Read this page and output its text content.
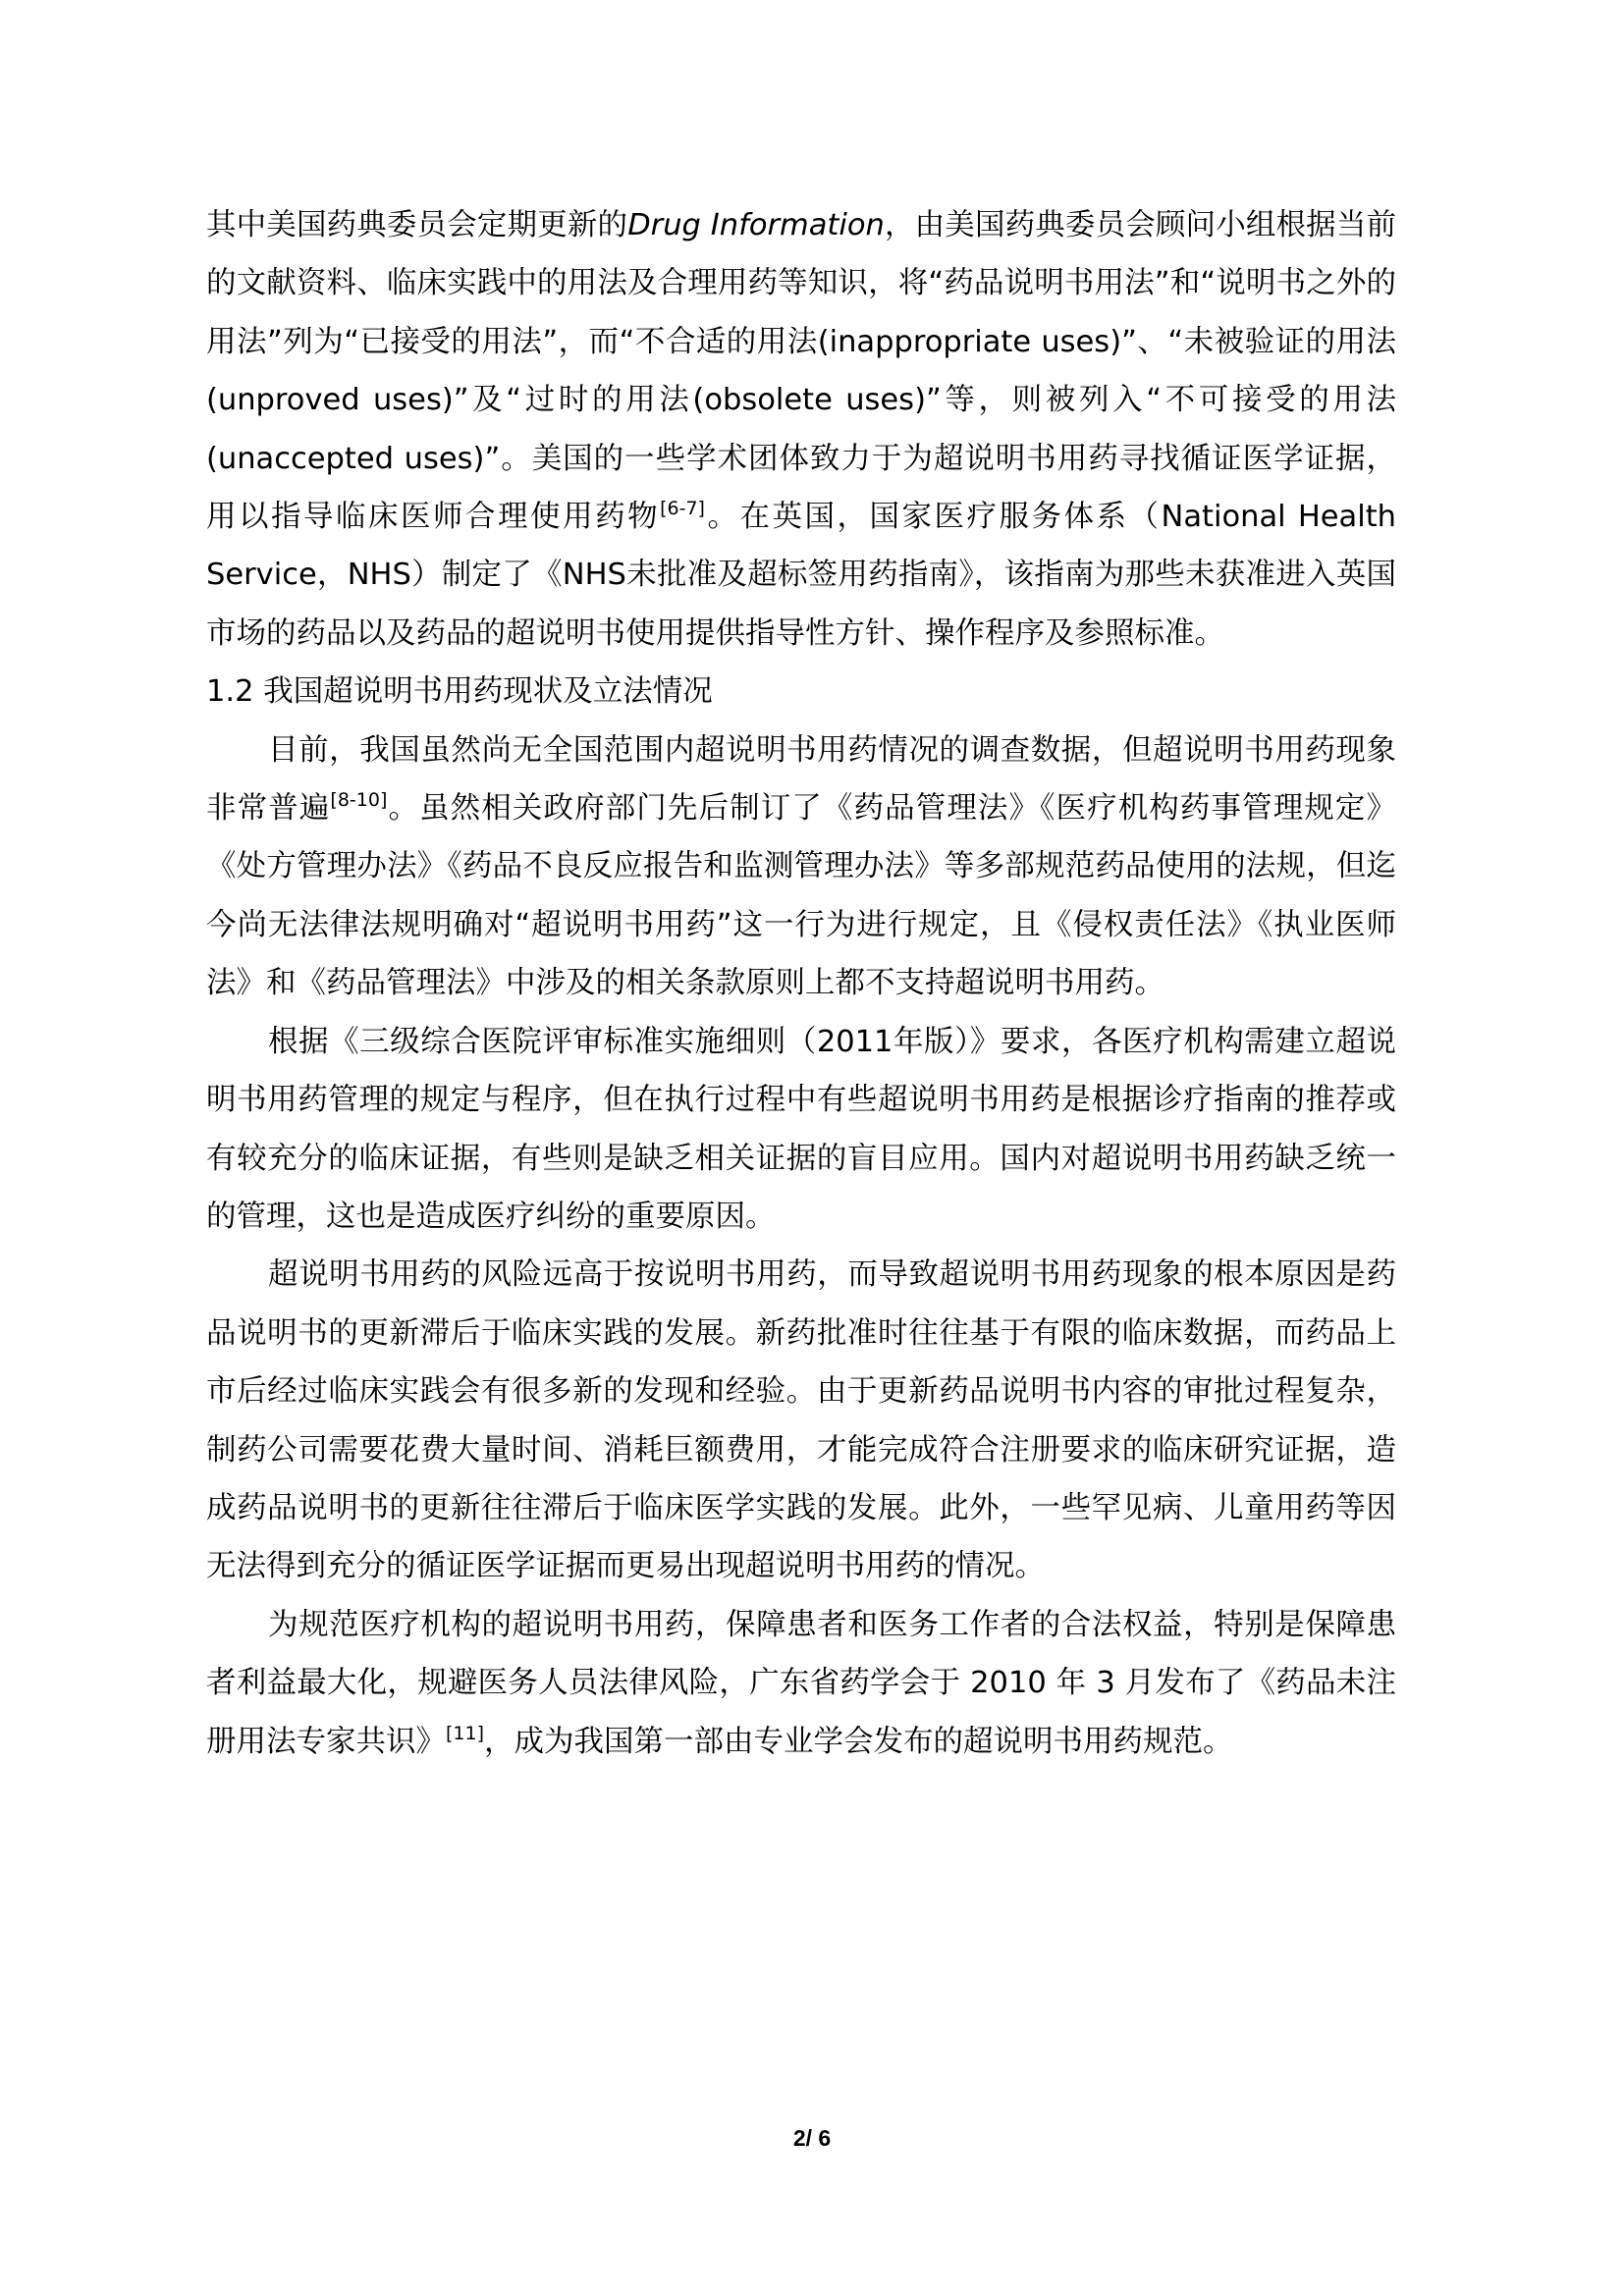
其中美国药典委员会定期更新的Drug Information，由美国药典委员会顾问小组根据当前的文献资料、临床实践中的用法及合理用药等知识，将“药品说明书用法”和“说明书之外的用法”列为“已接受的用法”，而“不合适的用法(inappropriate uses)”、“未被验证的用法(unproved uses)”及“过时的用法(obsolete uses)”等，则被列入“不可接受的用法(unaccepted uses)”。美国的一些学术团体致力于为超说明书用药寻找循证医学证据，用以指导临床医师合理使用药物[6-7]。在英国，国家医疗服务体系（National Health Service，NHS）制定了《NHS未批准及超标签用药指南》，该指南为那些未获准进入英国市场的药品以及药品的超说明书使用提供指导性方针、操作程序及参照标准。

1.2 我国超说明书用药现状及立法情况

目前，我国虽然尚无全国范围内超说明书用药情况的调查数据，但超说明书用药现象非常普遍[8-10]。虽然相关政府部门先后制订了《药品管理法》《医疗机构药事管理规定》《处方管理办法》《药品不良反应报告和监测管理办法》等多部规范药品使用的法规，但迄今尚无法律法规明确对“超说明书用药”这一行为进行规定，且《侵权责任法》《执业医师法》和《药品管理法》中涉及的相关条款原则上都不支持超说明书用药。

根据《三级综合医院评审标准实施细则（2011年版）》要求，各医疗机构需建立超说明书用药管理的规定与程序，但在执行过程中有些超说明书用药是根据诊疗指南的推荐或有较充分的临床证据，有些则是缺乏相关证据的盲目应用。国内对超说明书用药缺乏统一的管理，这也是造成医疗纠纷的重要原因。

超说明书用药的风险远高于按说明书用药，而导致超说明书用药现象的根本原因是药品说明书的更新滞后于临床实践的发展。新药批准时往往基于有限的临床数据，而药品上市后经过临床实践会有很多新的发现和经验。由于更新药品说明书内容的审批过程复杂，制药公司需要花费大量时间、消耗巨额费用，才能完成符合注册要求的临床研究证据，造成药品说明书的更新往往滞后于临床医学实践的发展。此外，一些罕见病、儿童用药等因无法得到充分的循证医学证据而更易出现超说明书用药的情况。

为规范医疗机构的超说明书用药，保障患者和医务工作者的合法权益，特别是保障患者利益最大化，规避医务人员法律风险，广东省药学会于 2010 年 3 月发布了《药品未注册用法专家共识》[11]，成为我国第一部由专业学会发布的超说明书用药规范。

2/ 6
